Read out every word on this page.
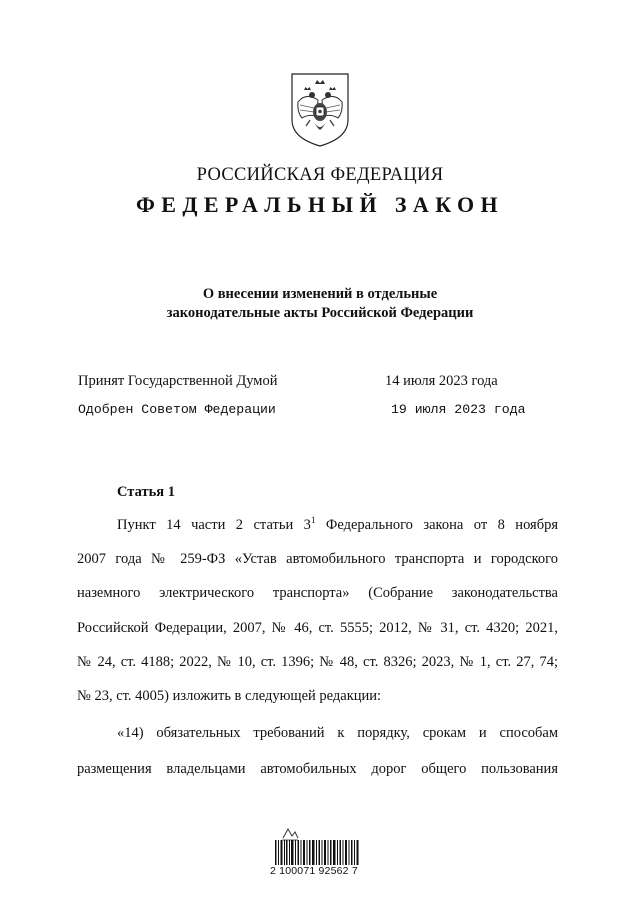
РОССИЙСКАЯ ФЕДЕРАЦИЯ
ФЕДЕРАЛЬНЫЙ ЗАКОН
О внесении изменений в отдельные
законодательные акты Российской Федерации
Принят Государственной Думой	14 июля 2023 года
Одобрен Советом Федерации	19 июля 2023 года
Статья 1
Пункт 14 части 2 статьи $3^1$ Федерального закона от 8 ноября
2007 года № 259-ФЗ «Устав автомобильного транспорта и городского
наземного электрического транспорта» (Собрание законодательства
Российской Федерации, 2007, № 46, ст. 5555; 2012, № 31, ст. 4320; 2021,
№ 24, ст. 4188; 2022, № 10, ст. 1396; № 48, ст. 8326; 2023, № 1, ст. 27, 74;
№ 23, ст. 4005) изложить в следующей редакции:
«14) обязательных требований к порядку, срокам и способам
размещения владельцами автомобильных дорог общего пользования
2 100071 92562 7
